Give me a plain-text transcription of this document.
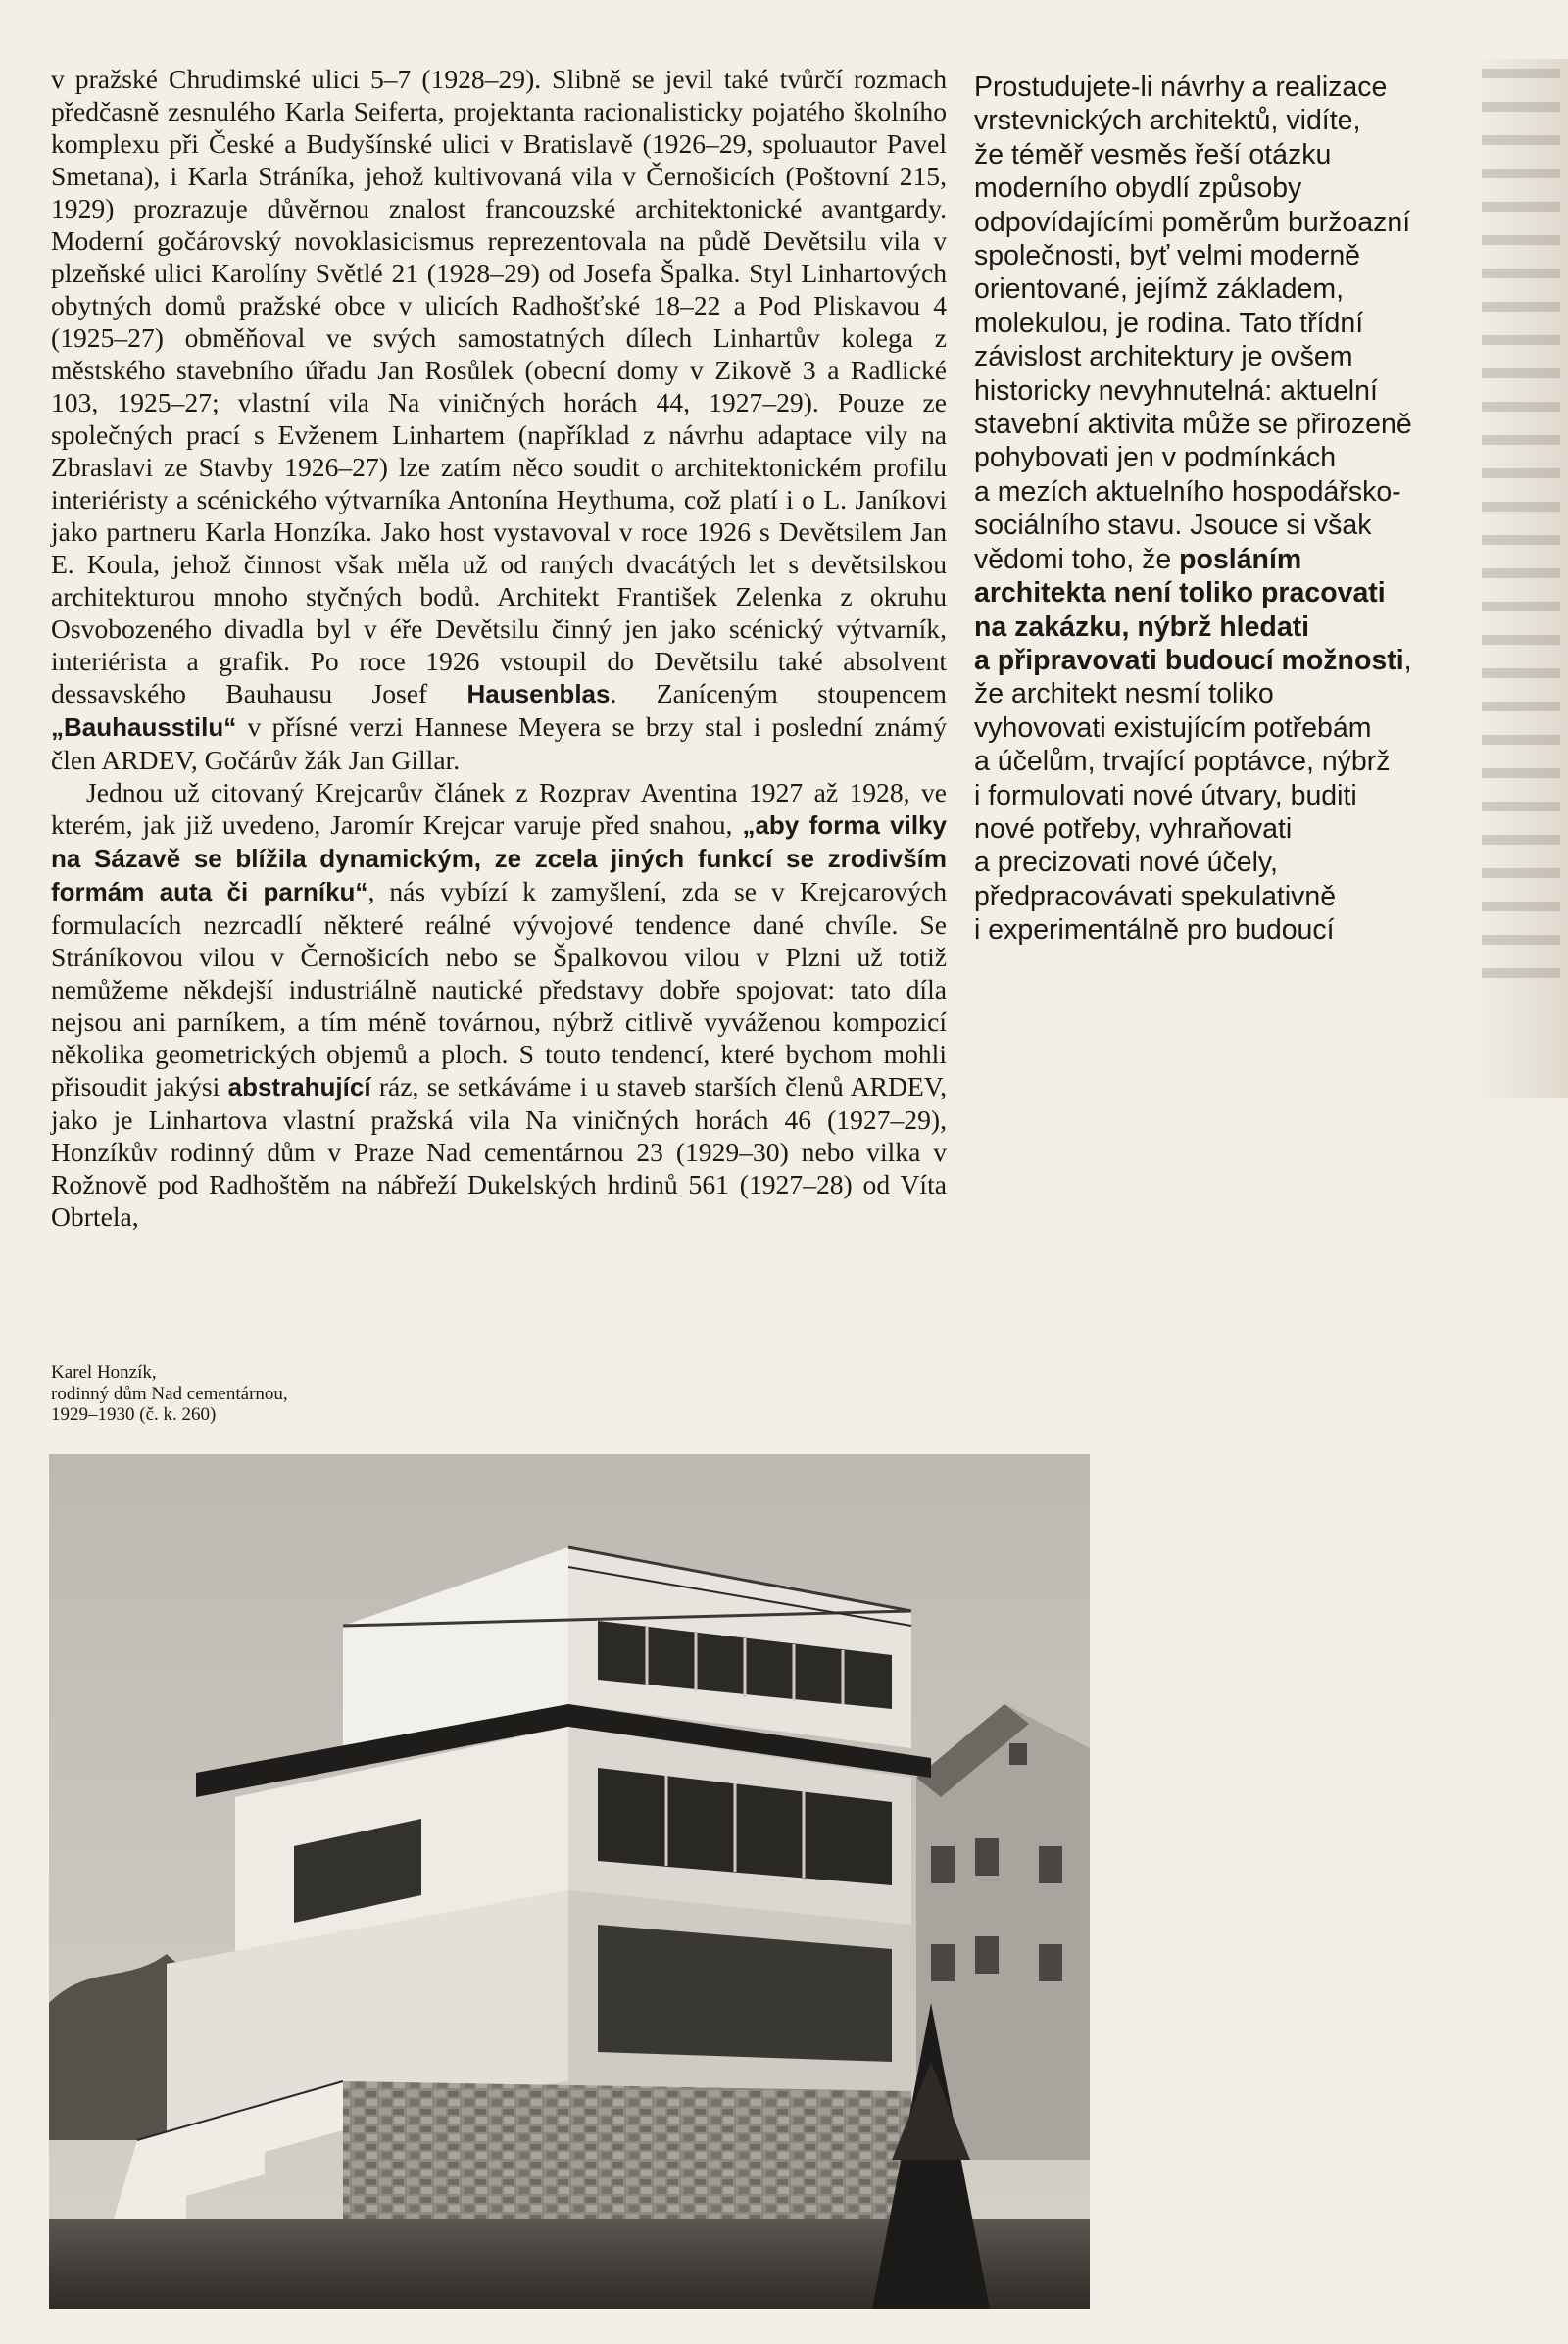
v pražské Chrudimské ulici 5–7 (1928–29). Slibně se jevil také tvůrčí rozmach předčasně zesnulého Karla Seiferta, projektanta racionalisticky pojatého školního komplexu při České a Budyšínské ulici v Bratislavě (1926–29, spoluautor Pavel Smetana), i Karla Stráníka, jehož kultivovaná vila v Černošicích (Poštovní 215, 1929) prozrazuje důvěrnou znalost francouzské architektonické avantgardy. Moderní gočárovský novoklasicismus reprezentovala na půdě Devětsilu vila v plzeňské ulici Karolíny Světlé 21 (1928–29) od Josefa Špalka. Styl Linhartových obytných domů pražské obce v ulicích Radhošťské 18–22 a Pod Pliskavou 4 (1925–27) obměňoval ve svých samostatných dílech Linhartův kolega z městského stavebního úřadu Jan Rosůlek (obecní domy v Zikově 3 a Radlické 103, 1925–27; vlastní vila Na viničných horách 44, 1927–29). Pouze ze společných prací s Evženem Linhartem (například z návrhu adaptace vily na Zbraslavi ze Stavby 1926–27) lze zatím něco soudit o architektonickém profilu interiéristy a scénického výtvarníka Antonína Heythuma, což platí i o L. Janíkovi jako partneru Karla Honzíka. Jako host vystavoval v roce 1926 s Devětsilem Jan E. Koula, jehož činnost však měla už od raných dvacátých let s devětsilskou architekturou mnoho styčných bodů. Architekt František Zelenka z okruhu Osvobozeného divadla byl v éře Devětsilu činný jen jako scénický výtvarník, interiérista a grafik. Po roce 1926 vstoupil do Devětsilu také absolvent dessavského Bauhausu Josef Hausenblas. Zaníceným stoupencem „Bauhausstilu“ v přísné verzi Hannese Meyera se brzy stal i poslední známý člen ARDEV, Gočárův žák Jan Gillar.

Jednou už citovaný Krejcarův článek z Rozprav Aventina 1927 až 1928, ve kterém, jak již uvedeno, Jaromír Krejcar varuje před snahou, „aby forma vilky na Sázavě se blížila dynamickým, ze zcela jiných funkcí se zrodivším formám auta či parníku“, nás vybízí k zamyšlení, zda se v Krejcarových formulacích nezrcadlí některé reálné vývojové tendence dané chvíle. Se Stráníkovou vilou v Černošicích nebo se Špalkovou vilou v Plzni už totiž nemůžeme někdejší industriálně nautické představy dobře spojovat: tato díla nejsou ani parníkem, a tím méně továrnou, nýbrž citlivě vyváženou kompozicí několika geometrických objemů a ploch. S touto tendencí, které bychom mohli přisoudit jakýsi abstrahující ráz, se setkáváme i u staveb starších členů ARDEV, jako je Linhartova vlastní pražská vila Na viničných horách 46 (1927–29), Honzíkův rodinný dům v Praze Nad cementárnou 23 (1929–30) nebo vilka v Rožnově pod Radhoštěm na nábřeží Dukelských hrdinů 561 (1927–28) od Víta Obrtela,

Prostudujete-li návrhy a realizace
vrstevnických architektů, vidíte,
že téměř vesměs řeší otázku
moderního obydlí způsoby
odpovídajícími poměrům buržoazní
společnosti, byť velmi moderně
orientované, jejímž základem,
molekulou, je rodina. Tato třídní
závislost architektury je ovšem
historicky nevyhnutelná: aktuelní
stavební aktivita může se přirozeně
pohybovati jen v podmínkách
a mezích aktuelního hospodářsko-
sociálního stavu. Jsouce si však
vědomi toho, že posláním
architekta není toliko pracovati
na zakázku, nýbrž hledati
a připravovati budoucí možnosti,
že architekt nesmí toliko
vyhovovati existujícím potřebám
a účelům, trvající poptávce, nýbrž
i formulovati nové útvary, buditi
nové potřeby, vyhraňovati
a precizovati nové účely,
předpracovávati spekulativně
i experimentálně pro budoucí
Karel Honzík,
rodinný dům Nad cementárnou,
1929–1930 (č. k. 260)
